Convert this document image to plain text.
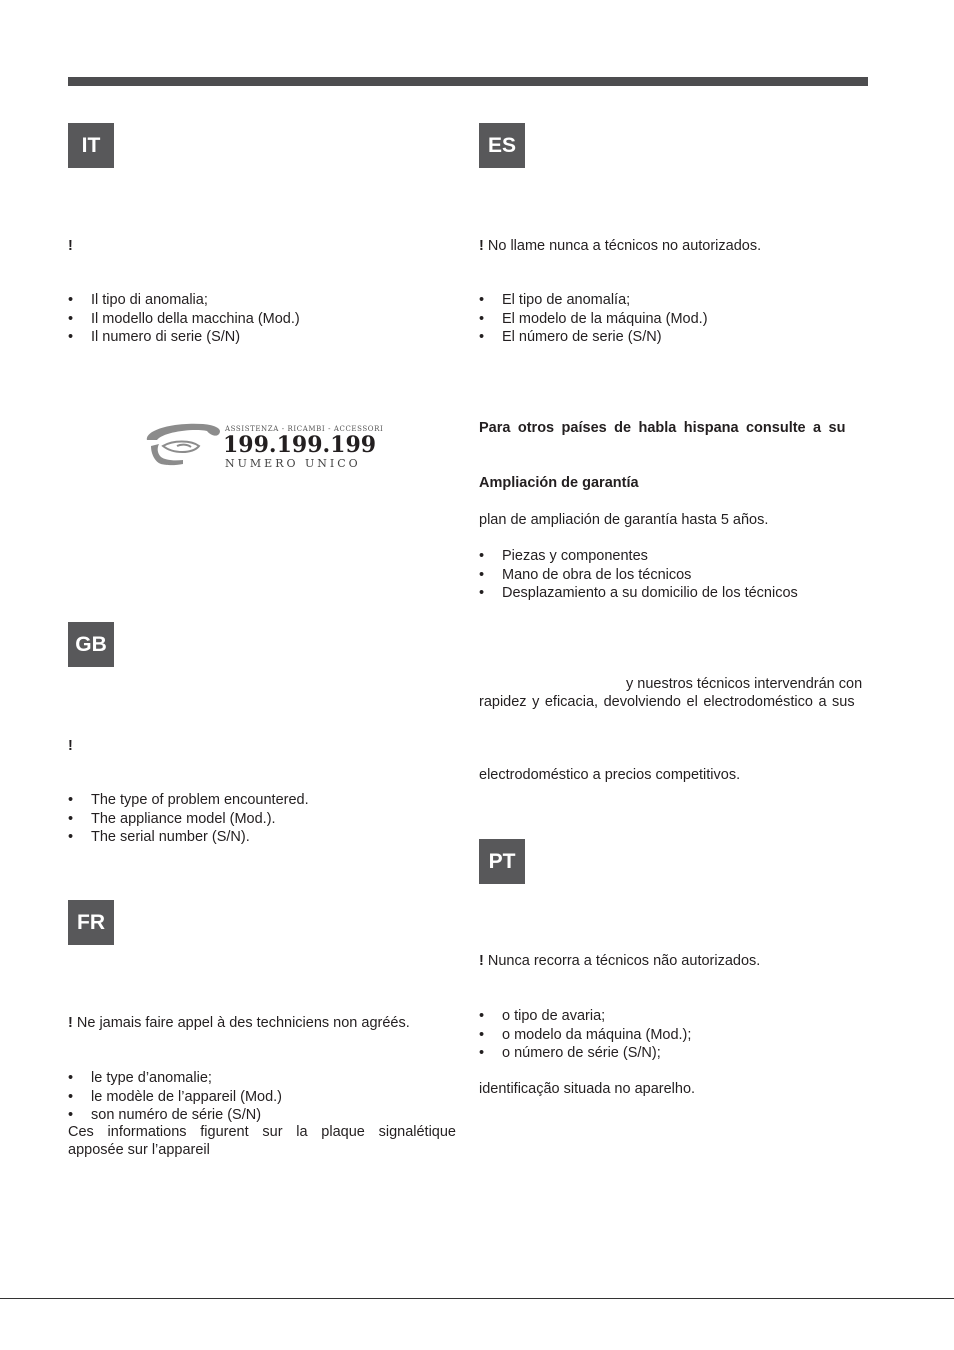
IT
!
• Il tipo di anomalia;
• Il modello della macchina (Mod.)
• Il numero di serie (S/N)
ASSISTENZA - RICAMBI - ACCESSORI
199.199.199
NUMERO UNICO
GB
!
• The type of problem encountered.
• The appliance model (Mod.).
• The serial number (S/N).
FR
! Ne jamais faire appel à des techniciens non agréés.
• le type d’anomalie;
• le modèle de l’appareil (Mod.)
• son numéro de série (S/N)
Ces informations figurent sur la plaque signalétique apposée sur l’appareil
ES
! No llame nunca a técnicos no autorizados.
• El tipo de anomalía;
• El modelo de la máquina (Mod.)
• El número de serie (S/N)
Para otros países de habla hispana consulte a su
Ampliación de garantía
plan de ampliación de garantía hasta 5 años.
• Piezas y componentes
• Mano de obra de los técnicos
• Desplazamiento a su domicilio de los técnicos
y nuestros técnicos intervendrán con
rapidez y eficacia, devolviendo el electrodoméstico a sus
electrodoméstico a precios competitivos.
PT
! Nunca recorra a técnicos não autorizados.
• o tipo de avaria;
• o modelo da máquina (Mod.);
• o número de série (S/N);
identificação situada no aparelho.
